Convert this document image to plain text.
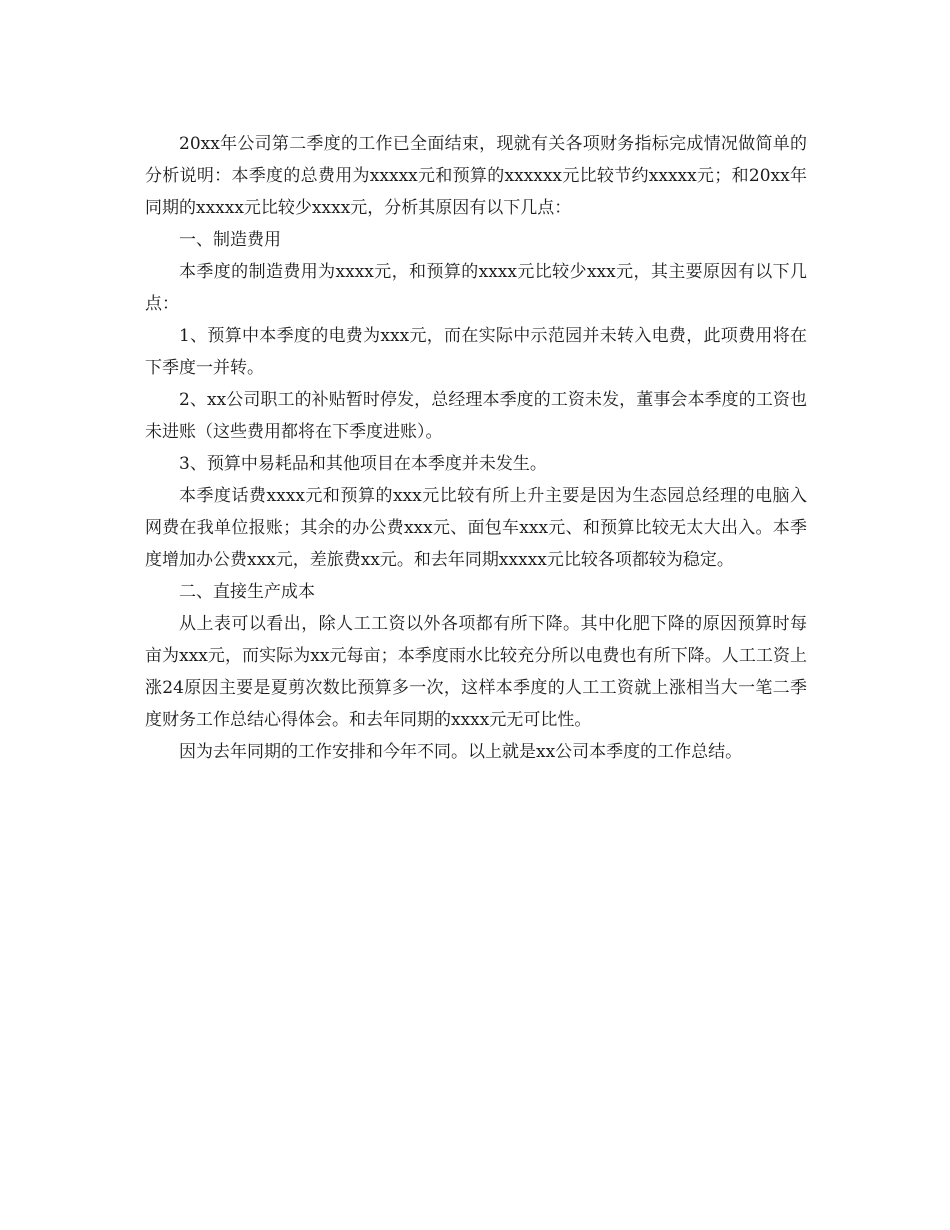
20xx年公司第二季度的工作已全面结束，现就有关各项财务指标完成情况做简单的分析说明：本季度的总费用为xxxxx元和预算的xxxxxx元比较节约xxxxx元；和20xx年同期的xxxxx元比较少xxxx元，分析其原因有以下几点：

一、制造费用

本季度的制造费用为xxxx元，和预算的xxxx元比较少xxx元，其主要原因有以下几点：

1、预算中本季度的电费为xxx元，而在实际中示范园并未转入电费，此项费用将在下季度一并转。

2、xx公司职工的补贴暂时停发，总经理本季度的工资未发，董事会本季度的工资也未进账（这些费用都将在下季度进账）。

3、预算中易耗品和其他项目在本季度并未发生。

本季度话费xxxx元和预算的xxx元比较有所上升主要是因为生态园总经理的电脑入网费在我单位报账；其余的办公费xxx元、面包车xxx元、和预算比较无太大出入。本季度增加办公费xxx元，差旅费xx元。和去年同期xxxxx元比较各项都较为稳定。

二、直接生产成本

从上表可以看出，除人工工资以外各项都有所下降。其中化肥下降的原因预算时每亩为xxx元，而实际为xx元每亩；本季度雨水比较充分所以电费也有所下降。人工工资上涨24原因主要是夏剪次数比预算多一次，这样本季度的人工工资就上涨相当大一笔二季度财务工作总结心得体会。和去年同期的xxxx元无可比性。

因为去年同期的工作安排和今年不同。以上就是xx公司本季度的工作总结。
